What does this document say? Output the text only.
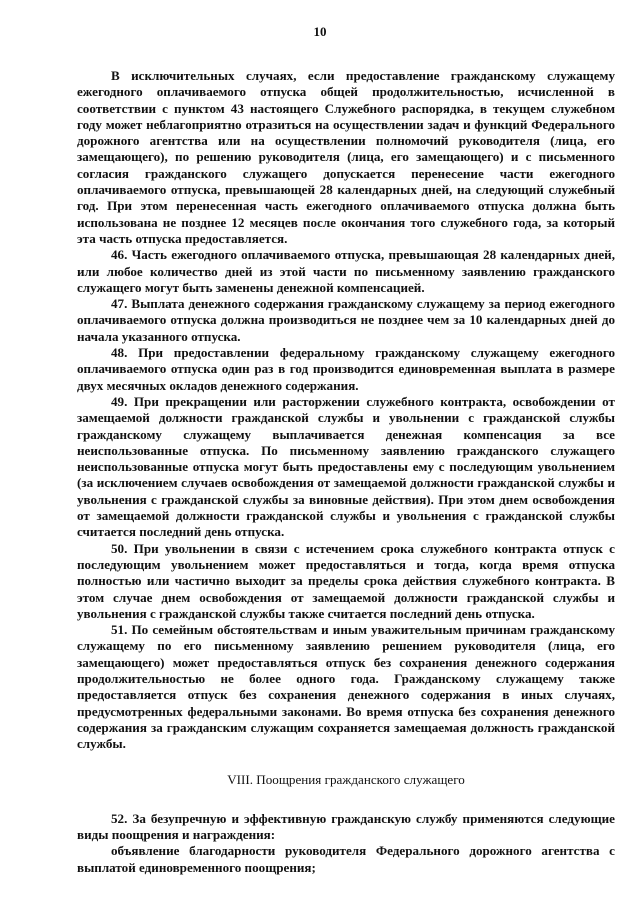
10

В исключительных случаях, если предоставление гражданскому служащему ежегодного оплачиваемого отпуска общей продолжительностью, исчисленной в соответствии с пунктом 43 настоящего Служебного распорядка, в текущем служебном году может неблагоприятно отразиться на осуществлении задач и функций Федерального дорожного агентства или на осуществлении полномочий руководителя (лица, его замещающего), по решению руководителя (лица, его замещающего) и с письменного согласия гражданского служащего допускается перенесение части ежегодного оплачиваемого отпуска, превышающей 28 календарных дней, на следующий служебный год. При этом перенесенная часть ежегодного оплачиваемого отпуска должна быть использована не позднее 12 месяцев после окончания того служебного года, за который эта часть отпуска предоставляется.

46. Часть ежегодного оплачиваемого отпуска, превышающая 28 календарных дней, или любое количество дней из этой части по письменному заявлению гражданского служащего могут быть заменены денежной компенсацией.

47. Выплата денежного содержания гражданскому служащему за период ежегодного оплачиваемого отпуска должна производиться не позднее чем за 10 календарных дней до начала указанного отпуска.

48. При предоставлении федеральному гражданскому служащему ежегодного оплачиваемого отпуска один раз в год производится единовременная выплата в размере двух месячных окладов денежного содержания.

49. При прекращении или расторжении служебного контракта, освобождении от замещаемой должности гражданской службы и увольнении с гражданской службы гражданскому служащему выплачивается денежная компенсация за все неиспользованные отпуска. По письменному заявлению гражданского служащего неиспользованные отпуска могут быть предоставлены ему с последующим увольнением (за исключением случаев освобождения от замещаемой должности гражданской службы и увольнения с гражданской службы за виновные действия). При этом днем освобождения от замещаемой должности гражданской службы и увольнения с гражданской службы считается последний день отпуска.

50. При увольнении в связи с истечением срока служебного контракта отпуск с последующим увольнением может предоставляться и тогда, когда время отпуска полностью или частично выходит за пределы срока действия служебного контракта. В этом случае днем освобождения от замещаемой должности гражданской службы и увольнения с гражданской службы также считается последний день отпуска.

51. По семейным обстоятельствам и иным уважительным причинам гражданскому служащему по его письменному заявлению решением руководителя (лица, его замещающего) может предоставляться отпуск без сохранения денежного содержания продолжительностью не более одного года. Гражданскому служащему также предоставляется отпуск без сохранения денежного содержания в иных случаях, предусмотренных федеральными законами. Во время отпуска без сохранения денежного содержания за гражданским служащим сохраняется замещаемая должность гражданской службы.

VIII. Поощрения гражданского служащего

52. За безупречную и эффективную гражданскую службу применяются следующие виды поощрения и награждения:

объявление благодарности руководителя Федерального дорожного агентства с выплатой единовременного поощрения;
